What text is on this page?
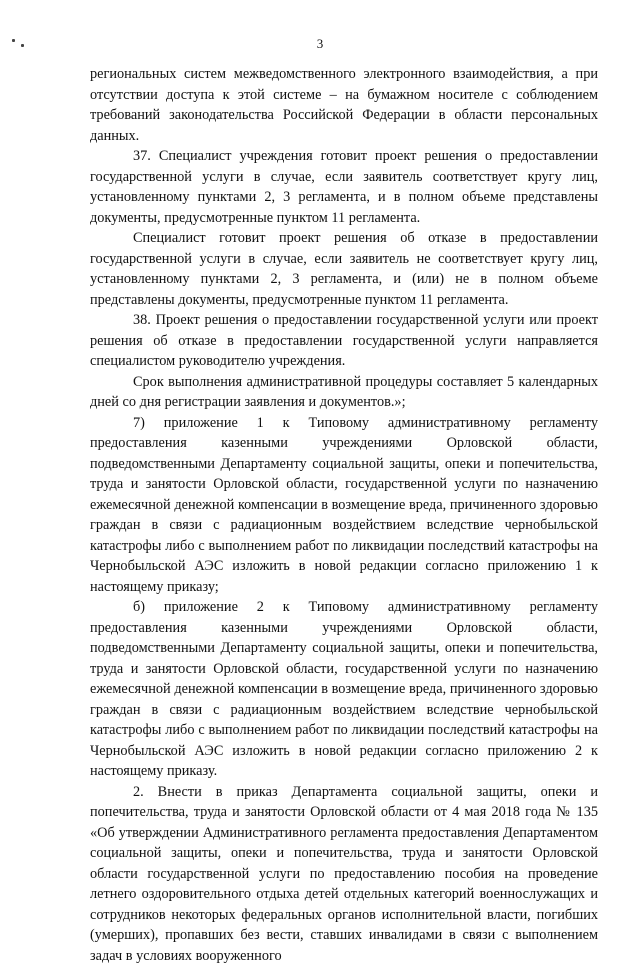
3

региональных систем межведомственного электронного взаимодействия, а при отсутствии доступа к этой системе – на бумажном носителе с соблюдением требований законодательства Российской Федерации в области персональных данных.

37. Специалист учреждения готовит проект решения о предоставлении государственной услуги в случае, если заявитель соответствует кругу лиц, установленному пунктами 2, 3 регламента, и в полном объеме представлены документы, предусмотренные пунктом 11 регламента.

Специалист готовит проект решения об отказе в предоставлении государственной услуги в случае, если заявитель не соответствует кругу лиц, установленному пунктами 2, 3 регламента, и (или) не в полном объеме представлены документы, предусмотренные пунктом 11 регламента.

38. Проект решения о предоставлении государственной услуги или проект решения об отказе в предоставлении государственной услуги направляется специалистом руководителю учреждения.

Срок выполнения административной процедуры составляет 5 календарных дней со дня регистрации заявления и документов.»;

7) приложение 1 к Типовому административному регламенту предоставления казенными учреждениями Орловской области, подведомственными Департаменту социальной защиты, опеки и попечительства, труда и занятости Орловской области, государственной услуги по назначению ежемесячной денежной компенсации в возмещение вреда, причиненного здоровью граждан в связи с радиационным воздействием вследствие чернобыльской катастрофы либо с выполнением работ по ликвидации последствий катастрофы на Чернобыльской АЭС изложить в новой редакции согласно приложению 1 к настоящему приказу;

б) приложение 2 к Типовому административному регламенту предоставления казенными учреждениями Орловской области, подведомственными Департаменту социальной защиты, опеки и попечительства, труда и занятости Орловской области, государственной услуги по назначению ежемесячной денежной компенсации в возмещение вреда, причиненного здоровью граждан в связи с радиационным воздействием вследствие чернобыльской катастрофы либо с выполнением работ по ликвидации последствий катастрофы на Чернобыльской АЭС изложить в новой редакции согласно приложению 2 к настоящему приказу.

2. Внести в приказ Департамента социальной защиты, опеки и попечительства, труда и занятости Орловской области от 4 мая 2018 года № 135 «Об утверждении Административного регламента предоставления Департаментом социальной защиты, опеки и попечительства, труда и занятости Орловской области государственной услуги по предоставлению пособия на проведение летнего оздоровительного отдыха детей отдельных категорий военнослужащих и сотрудников некоторых федеральных органов исполнительной власти, погибших (умерших), пропавших без вести, ставших инвалидами в связи с выполнением задач в условиях вооруженного
